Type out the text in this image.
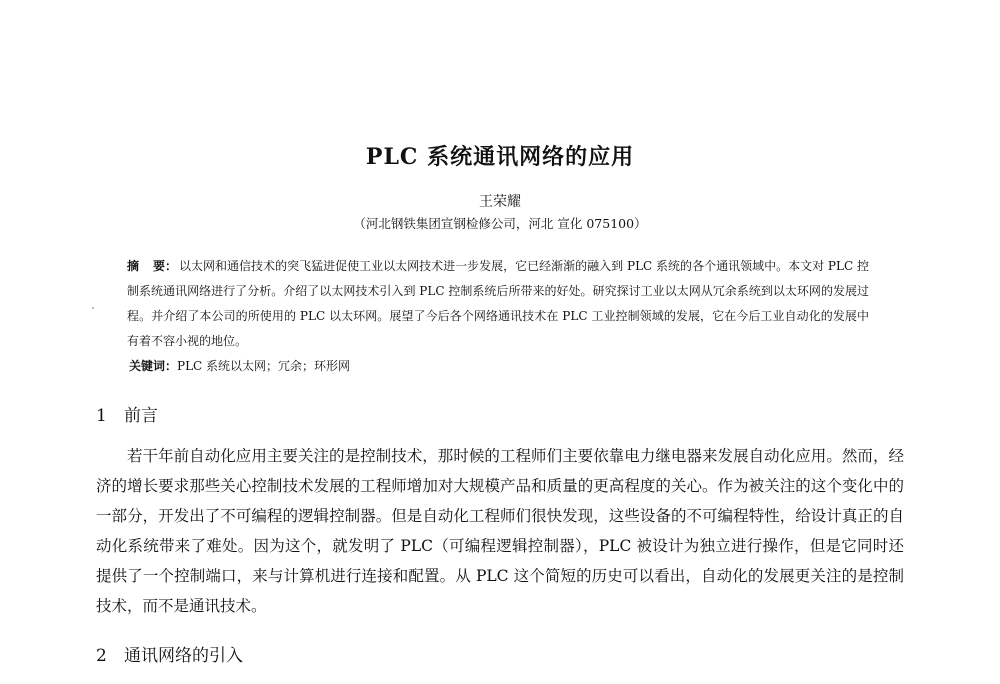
PLC 系统通讯网络的应用
王荣耀
（河北钢铁集团宣钢检修公司，河北 宣化 075100）
摘 要： 以太网和通信技术的突飞猛进促使工业以太网技术进一步发展，它已经渐渐的融入到 PLC 系统的各个通讯领域中。本文对 PLC 控制系统通讯网络进行了分析。介绍了以太网技术引入到 PLC 控制系统后所带来的好处。研究探讨工业以太网从冗余系统到以太环网的发展过程。并介绍了本公司的所使用的 PLC 以太环网。展望了今后各个网络通讯技术在 PLC 工业控制领域的发展，它在今后工业自动化的发展中有着不容小视的地位。
关键词：PLC 系统以太网；冗余；环形网
1 前言
若干年前自动化应用主要关注的是控制技术，那时候的工程师们主要依靠电力继电器来发展自动化应用。然而，经济的增长要求那些关心控制技术发展的工程师增加对大规模产品和质量的更高程度的关心。作为被关注的这个变化中的一部分，开发出了不可编程的逻辑控制器。但是自动化工程师们很快发现，这些设备的不可编程特性，给设计真正的自动化系统带来了难处。因为这个，就发明了 PLC（可编程逻辑控制器），PLC 被设计为独立进行操作，但是它同时还提供了一个控制端口，来与计算机进行连接和配置。从 PLC 这个简短的历史可以看出，自动化的发展更关注的是控制技术，而不是通讯技术。
2 通讯网络的引入
